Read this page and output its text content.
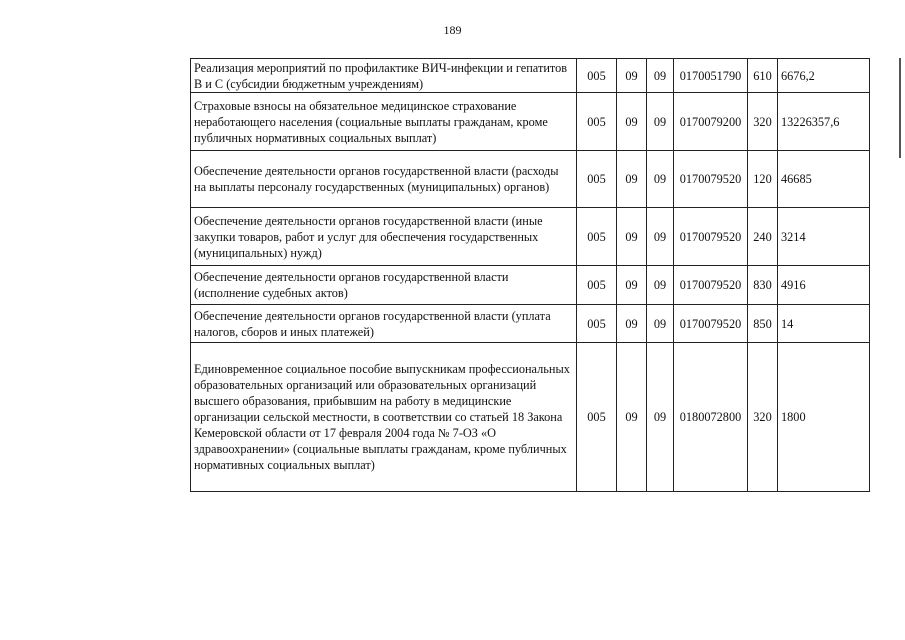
189
Реализация мероприятий по профилактике ВИЧ-инфекции и гепатитов В и С (субсидии бюджетным учреждениям)	005	09	09	0170051790	610	6676,2
Страховые взносы на обязательное медицинское страхование неработающего населения (социальные выплаты гражданам, кроме публичных нормативных социальных выплат)	005	09	09	0170079200	320	13226357,6
Обеспечение деятельности органов государственной власти (расходы на выплаты персоналу государственных (муниципальных) органов)	005	09	09	0170079520	120	46685
Обеспечение деятельности органов государственной власти (иные закупки товаров, работ и услуг для обеспечения государственных (муниципальных) нужд)	005	09	09	0170079520	240	3214
Обеспечение деятельности органов государственной власти (исполнение судебных актов)	005	09	09	0170079520	830	4916
Обеспечение деятельности органов государственной власти (уплата налогов, сборов и иных платежей)	005	09	09	0170079520	850	14
Единовременное социальное пособие выпускникам профессиональных образовательных организаций или образовательных организаций высшего образования, прибывшим на работу в медицинские организации сельской местности, в соответствии со статьей 18 Закона Кемеровской области от 17 февраля 2004 года № 7-ОЗ «О здравоохранении» (социальные выплаты гражданам, кроме публичных нормативных социальных выплат)	005	09	09	0180072800	320	1800
